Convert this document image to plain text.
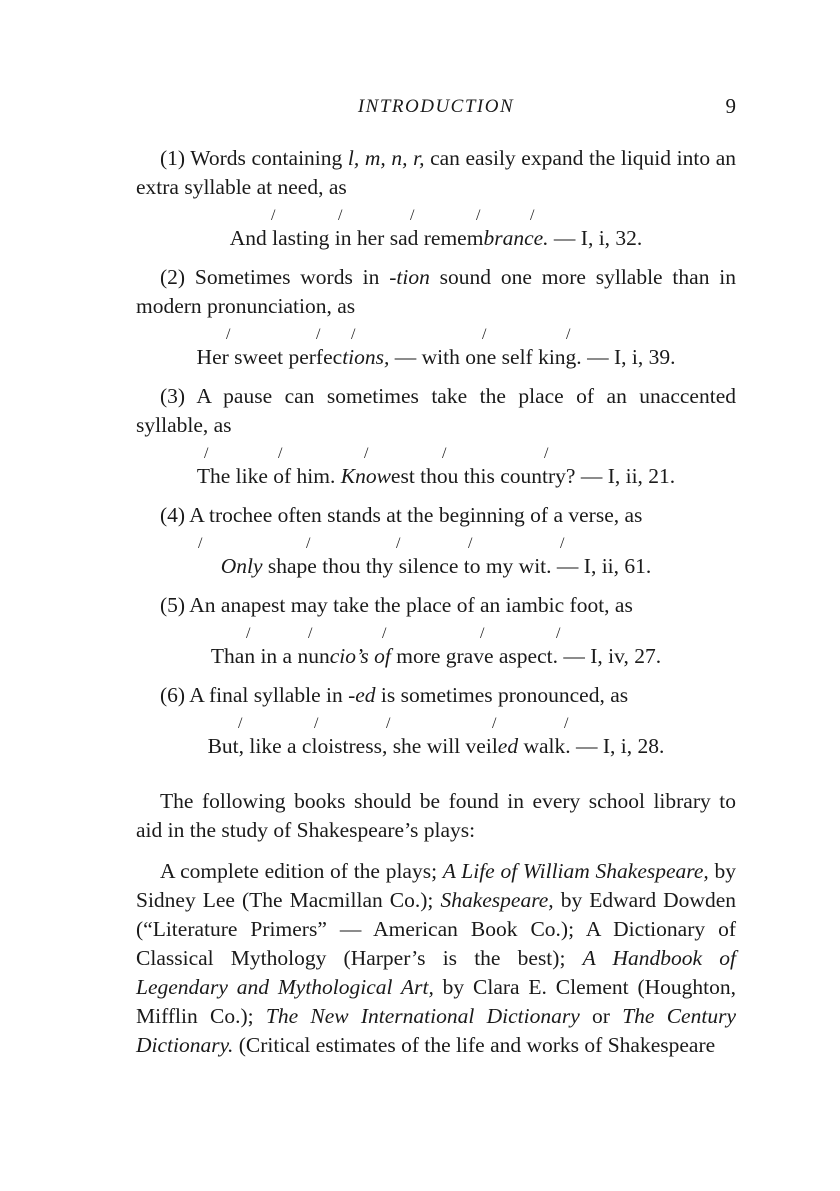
INTRODUCTION	9

(1) Words containing l, m, n, r, can easily expand the liquid into an extra syllable at need, as

/	/	/	/	/
And lasting in her sad remembrance. — I, i, 32.

(2) Sometimes words in -tion sound one more syllable than in modern pronunciation, as

/	/ /	/	/
Her sweet perfections, — with one self king. — I, i, 39.

(3) A pause can sometimes take the place of an unaccented syllable, as

/	/	/	/	/
The like of him. Knowest thou this country? — I, ii, 21.

(4) A trochee often stands at the beginning of a verse, as

/	/	/	/	/
Only shape thou thy silence to my wit. — I, ii, 61.

(5) An anapest may take the place of an iambic foot, as

/	/	/	/	/
Than in a nuncio’s of more grave aspect. — I, iv, 27.

(6) A final syllable in -ed is sometimes pronounced, as

/	/	/	/	/
But, like a cloistress, she will veiled walk. — I, i, 28.

The following books should be found in every school library to aid in the study of Shakespeare’s plays:

A complete edition of the plays; A Life of William Shakespeare, by Sidney Lee (The Macmillan Co.); Shakespeare, by Edward Dowden (“Literature Primers” — American Book Co.); A Dictionary of Classical Mythology (Harper’s is the best); A Handbook of Legendary and Mythological Art, by Clara E. Clement (Houghton, Mifflin Co.); The New International Dictionary or The Century Dictionary. (Critical estimates of the life and works of Shakespeare
